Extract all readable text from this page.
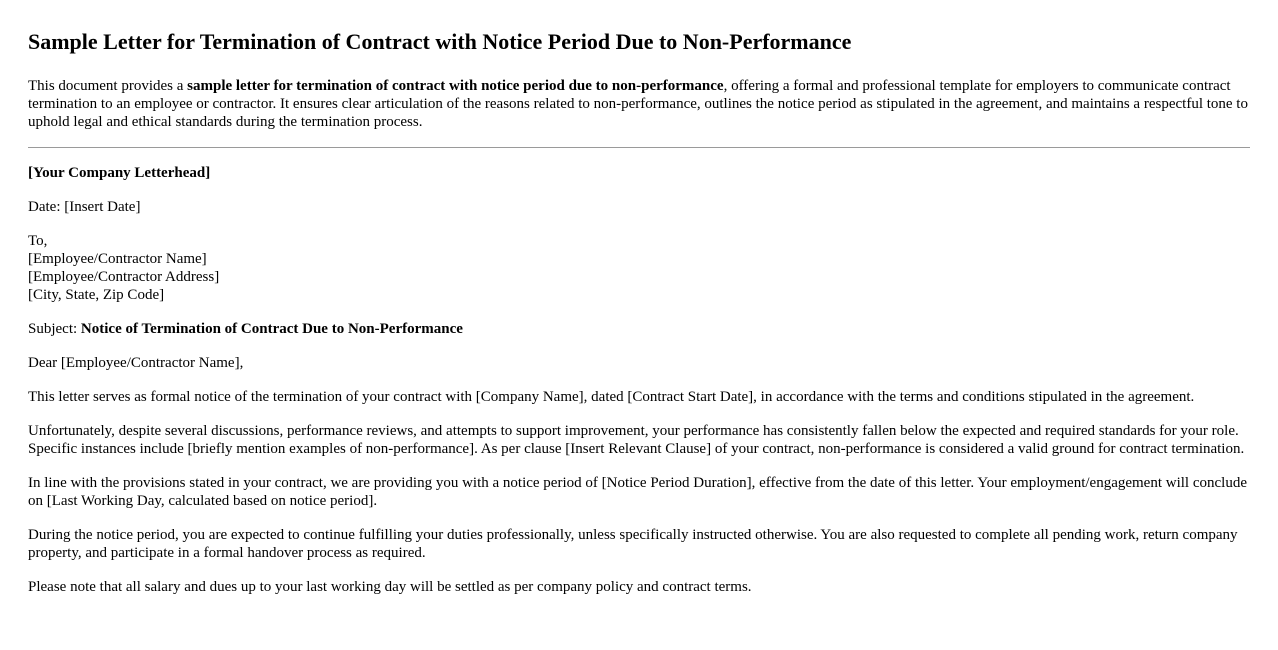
Sample Letter for Termination of Contract with Notice Period Due to Non-Performance

This document provides a sample letter for termination of contract with notice period due to non-performance, offering a formal and professional template for employers to communicate contract termination to an employee or contractor. It ensures clear articulation of the reasons related to non-performance, outlines the notice period as stipulated in the agreement, and maintains a respectful tone to uphold legal and ethical standards during the termination process.

[Your Company Letterhead]

Date: [Insert Date]

To,
[Employee/Contractor Name]
[Employee/Contractor Address]
[City, State, Zip Code]

Subject: Notice of Termination of Contract Due to Non-Performance

Dear [Employee/Contractor Name],

This letter serves as formal notice of the termination of your contract with [Company Name], dated [Contract Start Date], in accordance with the terms and conditions stipulated in the agreement.

Unfortunately, despite several discussions, performance reviews, and attempts to support improvement, your performance has consistently fallen below the expected and required standards for your role. Specific instances include [briefly mention examples of non-performance]. As per clause [Insert Relevant Clause] of your contract, non-performance is considered a valid ground for contract termination.

In line with the provisions stated in your contract, we are providing you with a notice period of [Notice Period Duration], effective from the date of this letter. Your employment/engagement will conclude on [Last Working Day, calculated based on notice period].

During the notice period, you are expected to continue fulfilling your duties professionally, unless specifically instructed otherwise. You are also requested to complete all pending work, return company property, and participate in a formal handover process as required.

Please note that all salary and dues up to your last working day will be settled as per company policy and contract terms.
